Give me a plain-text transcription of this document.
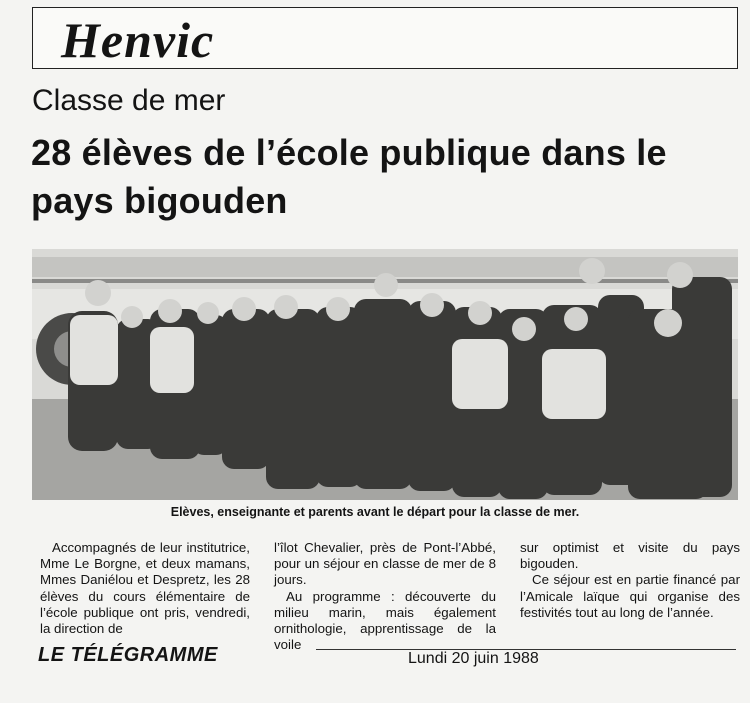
Henvic
Classe de mer
28 élèves de l’école publique dans le pays bigouden
Elèves, enseignante et parents avant le départ pour la classe de mer.

Accompagnés de leur institutrice, Mme Le Borgne, et deux mamans, Mmes Daniélou et Despretz, les 28 élèves du cours élémentaire de l’école publique ont pris, vendredi, la direction de

l’îlot Chevalier, près de Pont-l’Abbé, pour un séjour en classe de mer de 8 jours.

Au programme : découverte du milieu marin, mais également ornithologie, apprentissage de la voile

sur optimist et visite du pays bigouden.

Ce séjour est en partie financé par l’Amicale laïque qui organise des festivités tout au long de l’année.

LE TÉLÉGRAMME	Lundi 20 juin 1988
